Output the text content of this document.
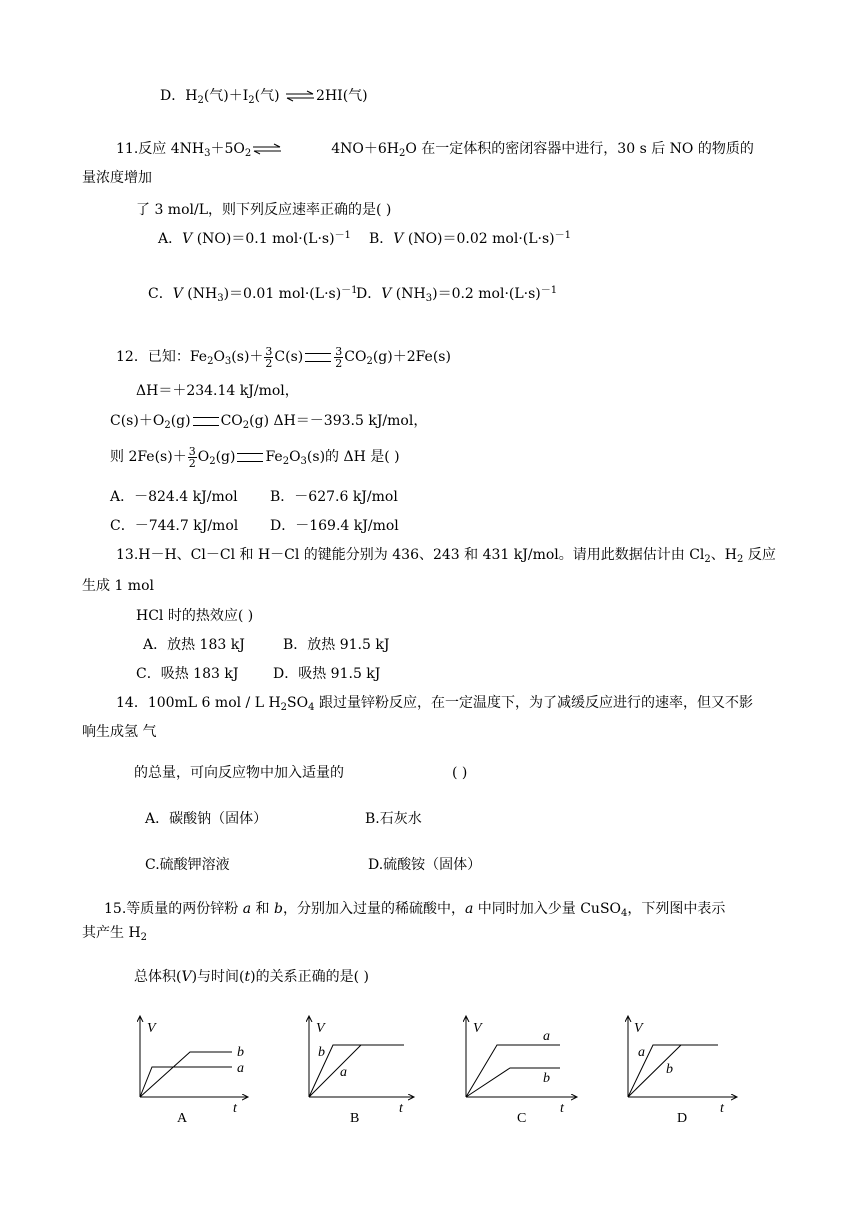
D．$H_2$(气)$+I_2$(气) ⇌2HI(气)
11.反应 $4NH_3+5O_2\rightleftharpoons$	$4NO+6H_2O$ 在一定体积的密闭容器中进行，30 s 后 NO 的物质的
量浓度增加
了 3 mol/L，则下列反应速率正确的是( )
A．V (NO)＝0.1 $mol\cdot(L\cdot s)^{-1}$ B．V (NO)＝0.02 $mol\cdot(L\cdot s)^{-1}$
C．V $(NH_3)=0.01$ $mol\cdot(L\cdot s)^{-1}$
D．V $(NH_3)=0.2$ $mol\cdot(L\cdot s)^{-1}$
12．已知：$Fe_2O_3(s)+ \frac{3}{2} C(s)$	$\frac{3}{2} CO_2(g)+2Fe(s)$
ΔH＝＋234.14 kJ/mol，
$C(s)+O_2(g)$ $CO_2(g)$ ΔH＝－393.5 kJ/mol，
则 $2Fe(s)+ \frac{3}{2} O_2(g)$ $Fe_2O_3(s)$的 ΔH 是( )
A．－824.4 kJ/mol B．－627.6 kJ/mol
C．－744.7 kJ/mol D．－169.4 kJ/mol
13.H－H、Cl－Cl 和 H－Cl 的键能分别为 436、243 和 431 kJ/mol。请用此数据估计由 $Cl_2$、$H_2$ 反应
生成 1 mol
HCl 时的热效应( )
A．放热 183 kJ	B．放热 91.5 kJ
C．吸热 183 kJ D．吸热 91.5 kJ
14．100mL 6 mol / L $H_2SO_4$ 跟过量锌粉反应，在一定温度下，为了减缓反应进行的速率，但又不影
响生成氢 气
的总量，可向反应物中加入适量的	( )
A．碳酸钠（固体）	B.石灰水
C.硫酸钾溶液	D.硫酸铵（固体）
15.等质量的两份锌粉 a 和 b，分别加入过量的稀硫酸中，a 中同时加入少量 CuSO$_4$，下列图中表示
其产生 $H_2$
总体积(V)与时间(t)的关系正确的是( )
V
t
b
a
A
V
t
b
a
B
V
t
a
b
C
V
t
a
b
D
